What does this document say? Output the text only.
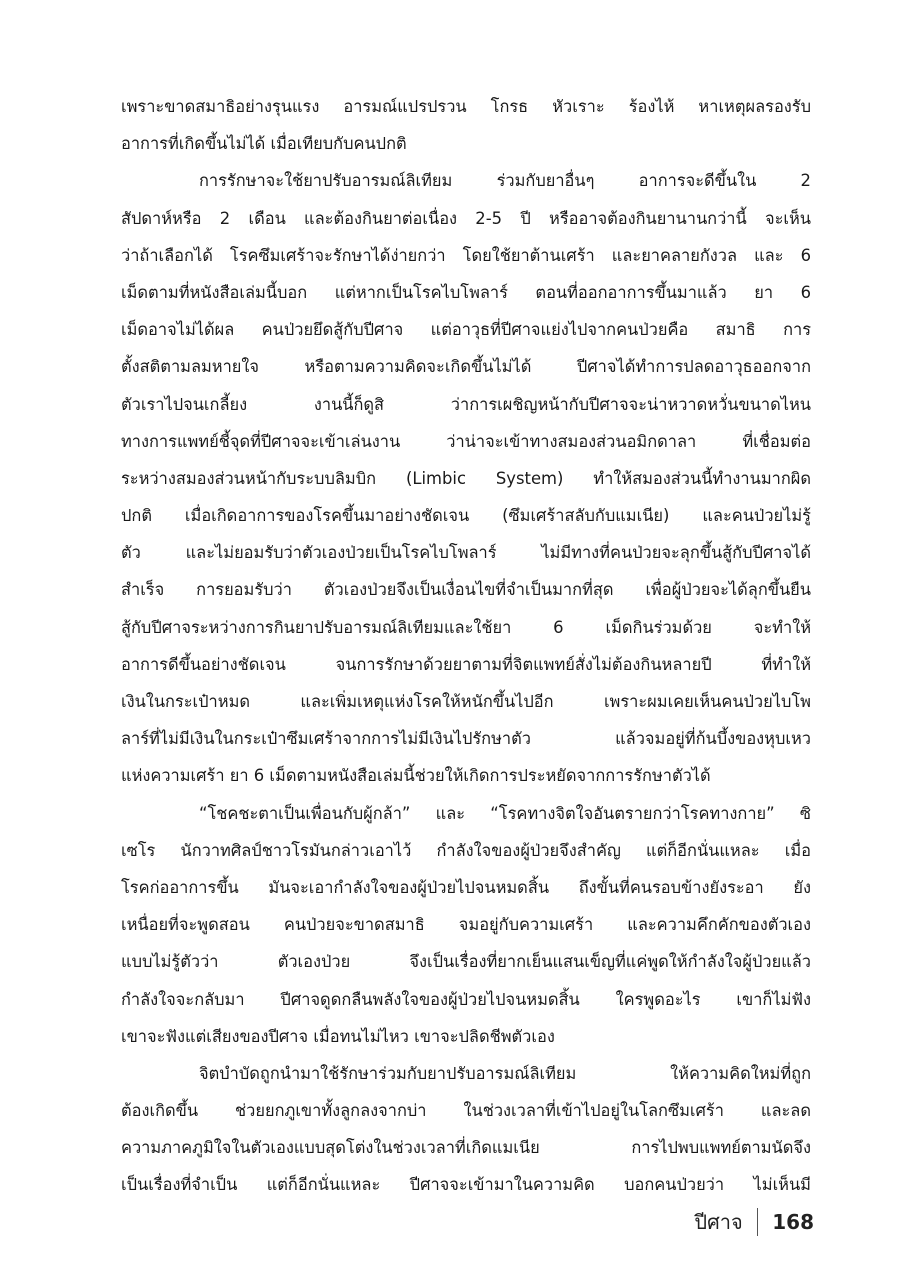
เพราะขาดสมาธิอย่างรุนแรง อารมณ์แปรปรวน โกรธ หัวเราะ ร้องไห้ หาเหตุผลรองรับ
อาการที่เกิดขึ้นไม่ได้ เมื่อเทียบกับคนปกติ
การรักษาจะใช้ยาปรับอารมณ์ลิเทียม ร่วมกับยาอื่นๆ อาการจะดีขึ้นใน 2
สัปดาห์หรือ 2 เดือน และต้องกินยาต่อเนื่อง 2-5 ปี หรืออาจต้องกินยานานกว่านี้ จะเห็น
ว่าถ้าเลือกได้ โรคซึมเศร้าจะรักษาได้ง่ายกว่า โดยใช้ยาต้านเศร้า และยาคลายกังวล และ 6
เม็ดตามที่หนังสือเล่มนี้บอก แต่หากเป็นโรคไบโพลาร์ ตอนที่ออกอาการขึ้นมาแล้ว ยา 6
เม็ดอาจไม่ได้ผล คนป่วยยึดสู้กับปีศาจ แต่อาวุธที่ปีศาจแย่งไปจากคนป่วยคือ สมาธิ การ
ตั้งสติตามลมหายใจ หรือตามความคิดจะเกิดขึ้นไม่ได้ ปีศาจได้ทำการปลดอาวุธออกจาก
ตัวเราไปจนเกลี้ยง งานนี้ก็ดูสิ ว่าการเผชิญหน้ากับปีศาจจะน่าหวาดหวั่นขนาดไหน
ทางการแพทย์ชี้จุดที่ปีศาจจะเข้าเล่นงาน ว่าน่าจะเข้าทางสมองส่วนอมิกดาลา ที่เชื่อมต่อ
ระหว่างสมองส่วนหน้ากับระบบลิมบิก (Limbic System) ทำให้สมองส่วนนี้ทำงานมากผิด
ปกติ เมื่อเกิดอาการของโรคขึ้นมาอย่างชัดเจน (ซึมเศร้าสลับกับแมเนีย) และคนป่วยไม่รู้
ตัว และไม่ยอมรับว่าตัวเองป่วยเป็นโรคไบโพลาร์ ไม่มีทางที่คนป่วยจะลุกขึ้นสู้กับปีศาจได้
สำเร็จ การยอมรับว่า ตัวเองป่วยจึงเป็นเงื่อนไขที่จำเป็นมากที่สุด เพื่อผู้ป่วยจะได้ลุกขึ้นยืน
สู้กับปีศาจระหว่างการกินยาปรับอารมณ์ลิเทียมและใช้ยา 6 เม็ดกินร่วมด้วย จะทำให้
อาการดีขึ้นอย่างชัดเจน จนการรักษาด้วยยาตามที่จิตแพทย์สั่งไม่ต้องกินหลายปี ที่ทำให้
เงินในกระเป๋าหมด และเพิ่มเหตุแห่งโรคให้หนักขึ้นไปอีก เพราะผมเคยเห็นคนป่วยไบโพ
ลาร์ที่ไม่มีเงินในกระเป๋าซึมเศร้าจากการไม่มีเงินไปรักษาตัว แล้วจมอยู่ที่ก้นบึ้งของหุบเหว
แห่งความเศร้า ยา 6 เม็ดตามหนังสือเล่มนี้ช่วยให้เกิดการประหยัดจากการรักษาตัวได้
“โชคชะตาเป็นเพื่อนกับผู้กล้า” และ “โรคทางจิตใจอันตรายกว่าโรคทางกาย” ซิ
เซโร นักวาทศิลป์ชาวโรมันกล่าวเอาไว้ กำลังใจของผู้ป่วยจึงสำคัญ แต่ก็อีกนั่นแหละ เมื่อ
โรคก่ออาการขึ้น มันจะเอากำลังใจของผู้ป่วยไปจนหมดสิ้น ถึงขั้นที่คนรอบข้างยังระอา ยัง
เหนื่อยที่จะพูดสอน คนป่วยจะขาดสมาธิ จมอยู่กับความเศร้า และความคึกคักของตัวเอง
แบบไม่รู้ตัวว่า ตัวเองป่วย จึงเป็นเรื่องที่ยากเย็นแสนเข็ญที่แค่พูดให้กำลังใจผู้ป่วยแล้ว
กำลังใจจะกลับมา ปีศาจดูดกลืนพลังใจของผู้ป่วยไปจนหมดสิ้น ใครพูดอะไร เขาก็ไม่ฟัง
เขาจะฟังแต่เสียงของปีศาจ เมื่อทนไม่ไหว เขาจะปลิดชีพตัวเอง
จิตบำบัดถูกนำมาใช้รักษาร่วมกับยาปรับอารมณ์ลิเทียม ให้ความคิดใหม่ที่ถูก
ต้องเกิดขึ้น ช่วยยกภูเขาทั้งลูกลงจากบ่า ในช่วงเวลาที่เข้าไปอยู่ในโลกซึมเศร้า และลด
ความภาคภูมิใจในตัวเองแบบสุดโต่งในช่วงเวลาที่เกิดแมเนีย การไปพบแพทย์ตามนัดจึง
เป็นเรื่องที่จำเป็น แต่ก็อีกนั่นแหละ ปีศาจจะเข้ามาในความคิด บอกคนป่วยว่า ไม่เห็นมี
ปีศาจ 168
